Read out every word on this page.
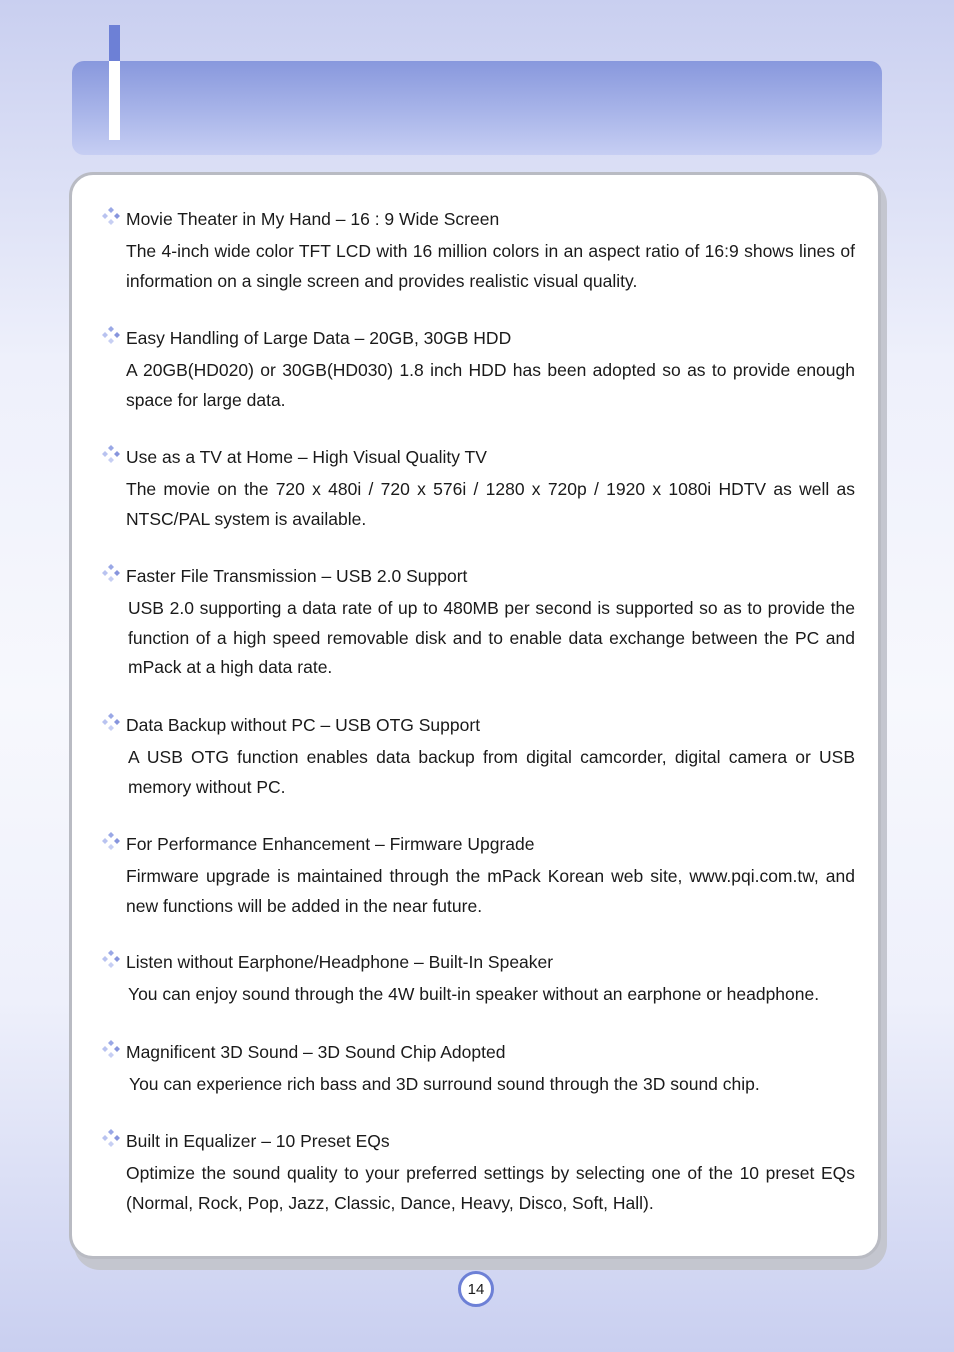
Movie Theater in My Hand – 16 : 9 Wide Screen
The 4-inch wide color TFT LCD with 16 million colors in an aspect ratio of 16:9 shows lines of information on a single screen and provides realistic visual quality.
Easy Handling of Large Data – 20GB, 30GB HDD
A 20GB(HD020) or 30GB(HD030) 1.8 inch HDD has been adopted so as to provide enough space for large data.
Use as a TV at Home – High Visual Quality TV
The movie on the 720 x 480i / 720 x 576i / 1280 x 720p / 1920 x 1080i HDTV as well as NTSC/PAL system is available.
Faster File Transmission – USB 2.0 Support
USB 2.0 supporting a data rate of up to 480MB per second is supported so as to provide the function of a high speed removable disk and to enable data exchange between the PC and mPack at a high data rate.
Data Backup without PC – USB OTG Support
A USB OTG function enables data backup from digital camcorder, digital camera or USB memory without PC.
For Performance Enhancement – Firmware Upgrade
Firmware upgrade is maintained through the mPack Korean web site, www.pqi.com.tw, and new functions will be added in the near future.
Listen without Earphone/Headphone – Built-In Speaker
You can enjoy sound through the 4W built-in speaker without an earphone or headphone.
Magnificent 3D Sound – 3D Sound Chip Adopted
You can experience rich bass and 3D surround sound through the 3D sound chip.
Built in Equalizer – 10 Preset EQs
Optimize the sound quality to your preferred settings by selecting one of the 10 preset EQs (Normal, Rock, Pop, Jazz, Classic, Dance, Heavy, Disco, Soft, Hall).
14
